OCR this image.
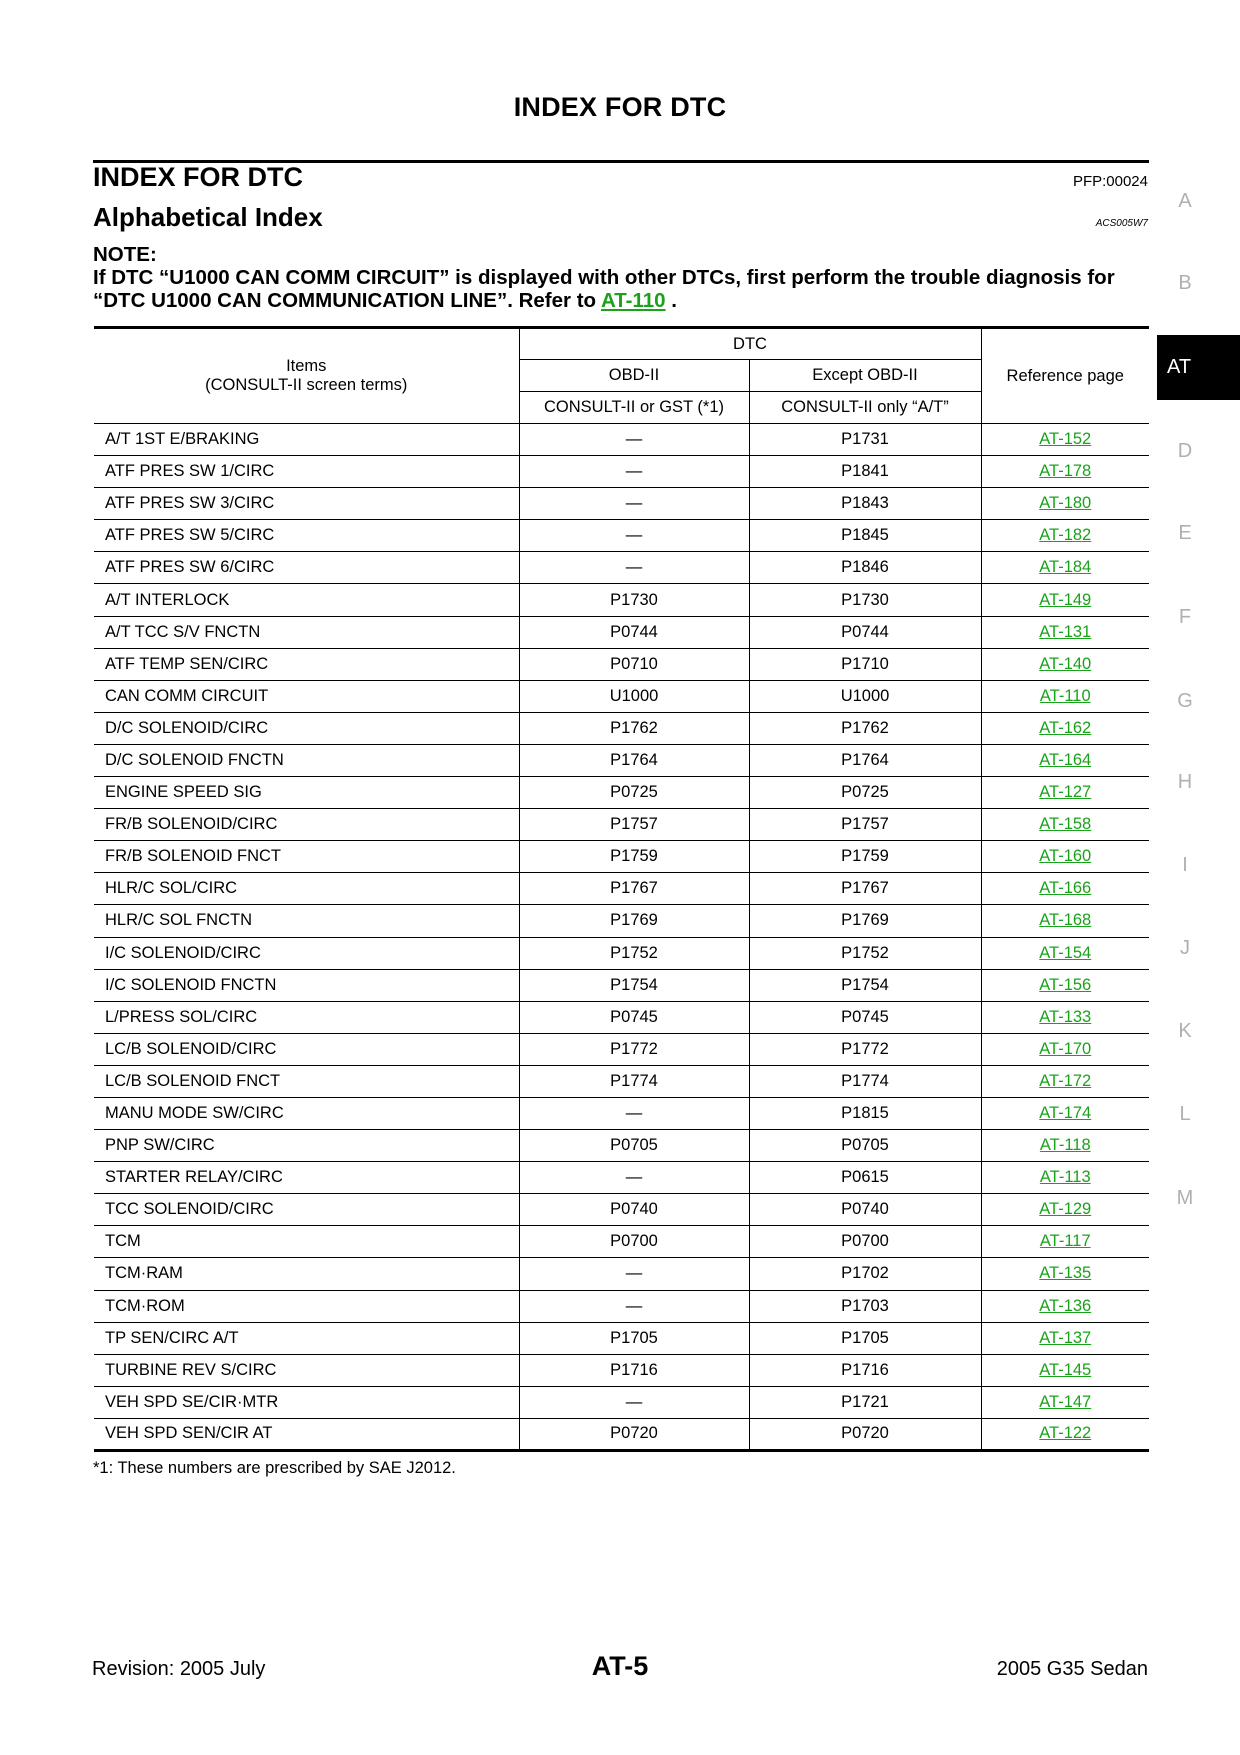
INDEX FOR DTC
INDEX FOR DTC	PFP:00024
Alphabetical Index	ACS005W7
NOTE:
If DTC “U1000 CAN COMM CIRCUIT” is displayed with other DTCs, first perform the trouble diagnosis for “DTC U1000 CAN COMMUNICATION LINE”. Refer to AT-110 .
Items
(CONSULT-II screen terms)	DTC		Reference page
	OBD-II	Except OBD-II	
	CONSULT-II or GST (*1)	CONSULT-II only “A/T”	
A/T 1ST E/BRAKING	—	P1731	AT-152
ATF PRES SW 1/CIRC	—	P1841	AT-178
ATF PRES SW 3/CIRC	—	P1843	AT-180
ATF PRES SW 5/CIRC	—	P1845	AT-182
ATF PRES SW 6/CIRC	—	P1846	AT-184
A/T INTERLOCK	P1730	P1730	AT-149
A/T TCC S/V FNCTN	P0744	P0744	AT-131
ATF TEMP SEN/CIRC	P0710	P1710	AT-140
CAN COMM CIRCUIT	U1000	U1000	AT-110
D/C SOLENOID/CIRC	P1762	P1762	AT-162
D/C SOLENOID FNCTN	P1764	P1764	AT-164
ENGINE SPEED SIG	P0725	P0725	AT-127
FR/B SOLENOID/CIRC	P1757	P1757	AT-158
FR/B SOLENOID FNCT	P1759	P1759	AT-160
HLR/C SOL/CIRC	P1767	P1767	AT-166
HLR/C SOL FNCTN	P1769	P1769	AT-168
I/C SOLENOID/CIRC	P1752	P1752	AT-154
I/C SOLENOID FNCTN	P1754	P1754	AT-156
L/PRESS SOL/CIRC	P0745	P0745	AT-133
LC/B SOLENOID/CIRC	P1772	P1772	AT-170
LC/B SOLENOID FNCT	P1774	P1774	AT-172
MANU MODE SW/CIRC	—	P1815	AT-174
PNP SW/CIRC	P0705	P0705	AT-118
STARTER RELAY/CIRC	—	P0615	AT-113
TCC SOLENOID/CIRC	P0740	P0740	AT-129
TCM	P0700	P0700	AT-117
TCM·RAM	—	P1702	AT-135
TCM·ROM	—	P1703	AT-136
TP SEN/CIRC A/T	P1705	P1705	AT-137
TURBINE REV S/CIRC	P1716	P1716	AT-145
VEH SPD SE/CIR·MTR	—	P1721	AT-147
VEH SPD SEN/CIR AT	P0720	P0720	AT-122
*1: These numbers are prescribed by SAE J2012.
A
B
D
E
F
G
H
I
J
K
L
M
AT
Revision: 2005 July	AT-5	2005 G35 Sedan
